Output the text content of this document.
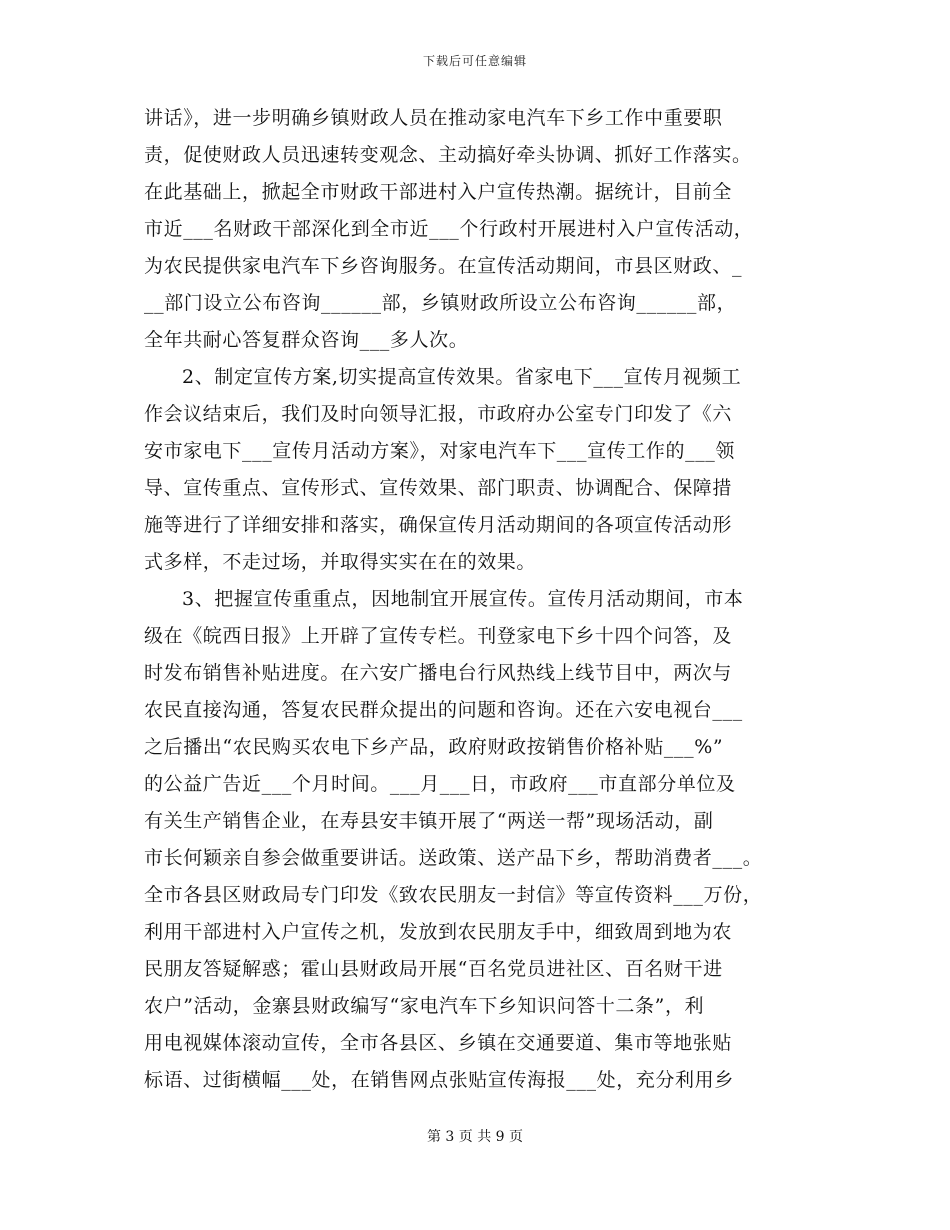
下载后可任意编辑
讲话》，进一步明确乡镇财政人员在推动家电汽车下乡工作中重要职
责，促使财政人员迅速转变观念、主动搞好牵头协调、抓好工作落实。
在此基础上，掀起全市财政干部进村入户宣传热潮。据统计，目前全
市近___名财政干部深化到全市近___个行政村开展进村入户宣传活动，
为农民提供家电汽车下乡咨询服务。在宣传活动期间，市县区财政、_
__部门设立公布咨询______部，乡镇财政所设立公布咨询______部，
全年共耐心答复群众咨询___多人次。
2、制定宣传方案,切实提高宣传效果。省家电下___宣传月视频工
作会议结束后，我们及时向领导汇报，市政府办公室专门印发了《六
安市家电下___宣传月活动方案》，对家电汽车下___宣传工作的___领
导、宣传重点、宣传形式、宣传效果、部门职责、协调配合、保障措
施等进行了详细安排和落实，确保宣传月活动期间的各项宣传活动形
式多样，不走过场，并取得实实在在的效果。
3、把握宣传重重点，因地制宜开展宣传。宣传月活动期间，市本
级在《皖西日报》上开辟了宣传专栏。刊登家电下乡十四个问答，及
时发布销售补贴进度。在六安广播电台行风热线上线节目中，两次与
农民直接沟通，答复农民群众提出的问题和咨询。还在六安电视台___
之后播出“农民购买农电下乡产品，政府财政按销售价格补贴___%”
的公益广告近___个月时间。___月___日，市政府___市直部分单位及
有关生产销售企业，在寿县安丰镇开展了“两送一帮”现场活动，副
市长何颖亲自参会做重要讲话。送政策、送产品下乡，帮助消费者___。
全市各县区财政局专门印发《致农民朋友一封信》等宣传资料___万份，
利用干部进村入户宣传之机，发放到农民朋友手中，细致周到地为农
民朋友答疑解惑；霍山县财政局开展“百名党员进社区、百名财干进
农户”活动，金寨县财政编写“家电汽车下乡知识问答十二条”，利
用电视媒体滚动宣传，全市各县区、乡镇在交通要道、集市等地张贴
标语、过街横幅___处，在销售网点张贴宣传海报___处，充分利用乡
第 3 页 共 9 页
